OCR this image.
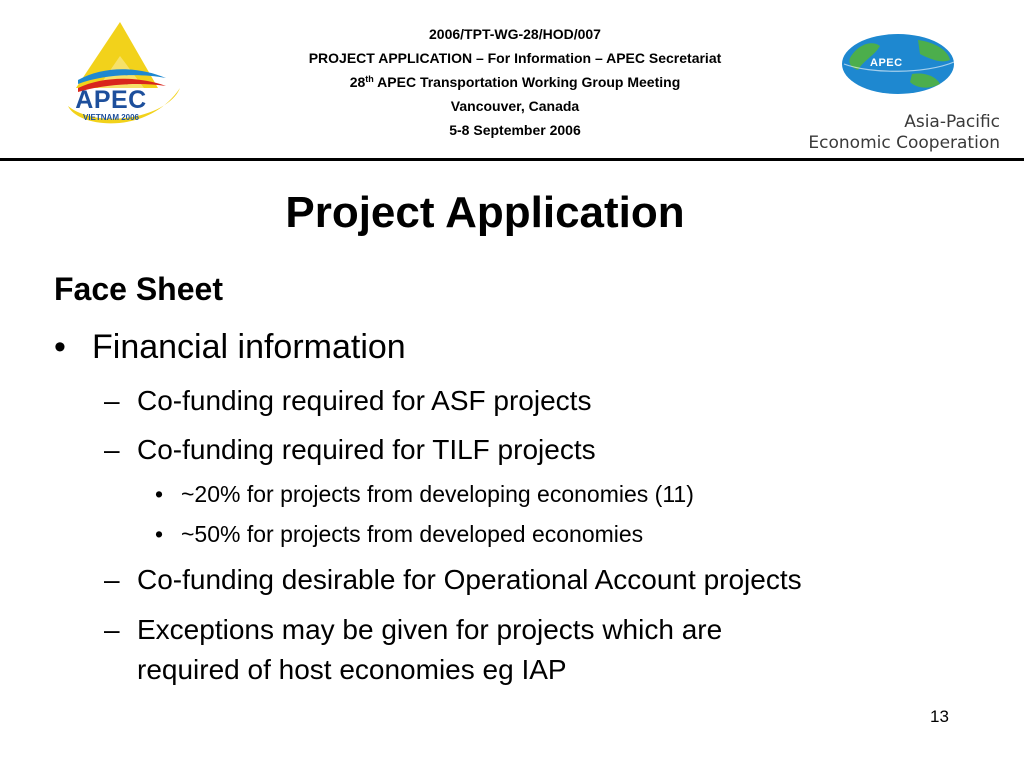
2006/TPT-WG-28/HOD/007
PROJECT APPLICATION – For Information – APEC Secretariat
28th APEC Transportation Working Group Meeting
Vancouver, Canada
5-8 September 2006
APEC
VIETNAM 2006
APEC
Asia-Pacific
Economic Cooperation
Project Application
Face Sheet
• Financial information
– Co-funding required for ASF projects
– Co-funding required for TILF projects
• ~20% for projects from developing economies (11)
• ~50% for projects from developed economies
– Co-funding desirable for Operational Account projects
– Exceptions may be given for projects which are
required of host economies eg IAP
13
